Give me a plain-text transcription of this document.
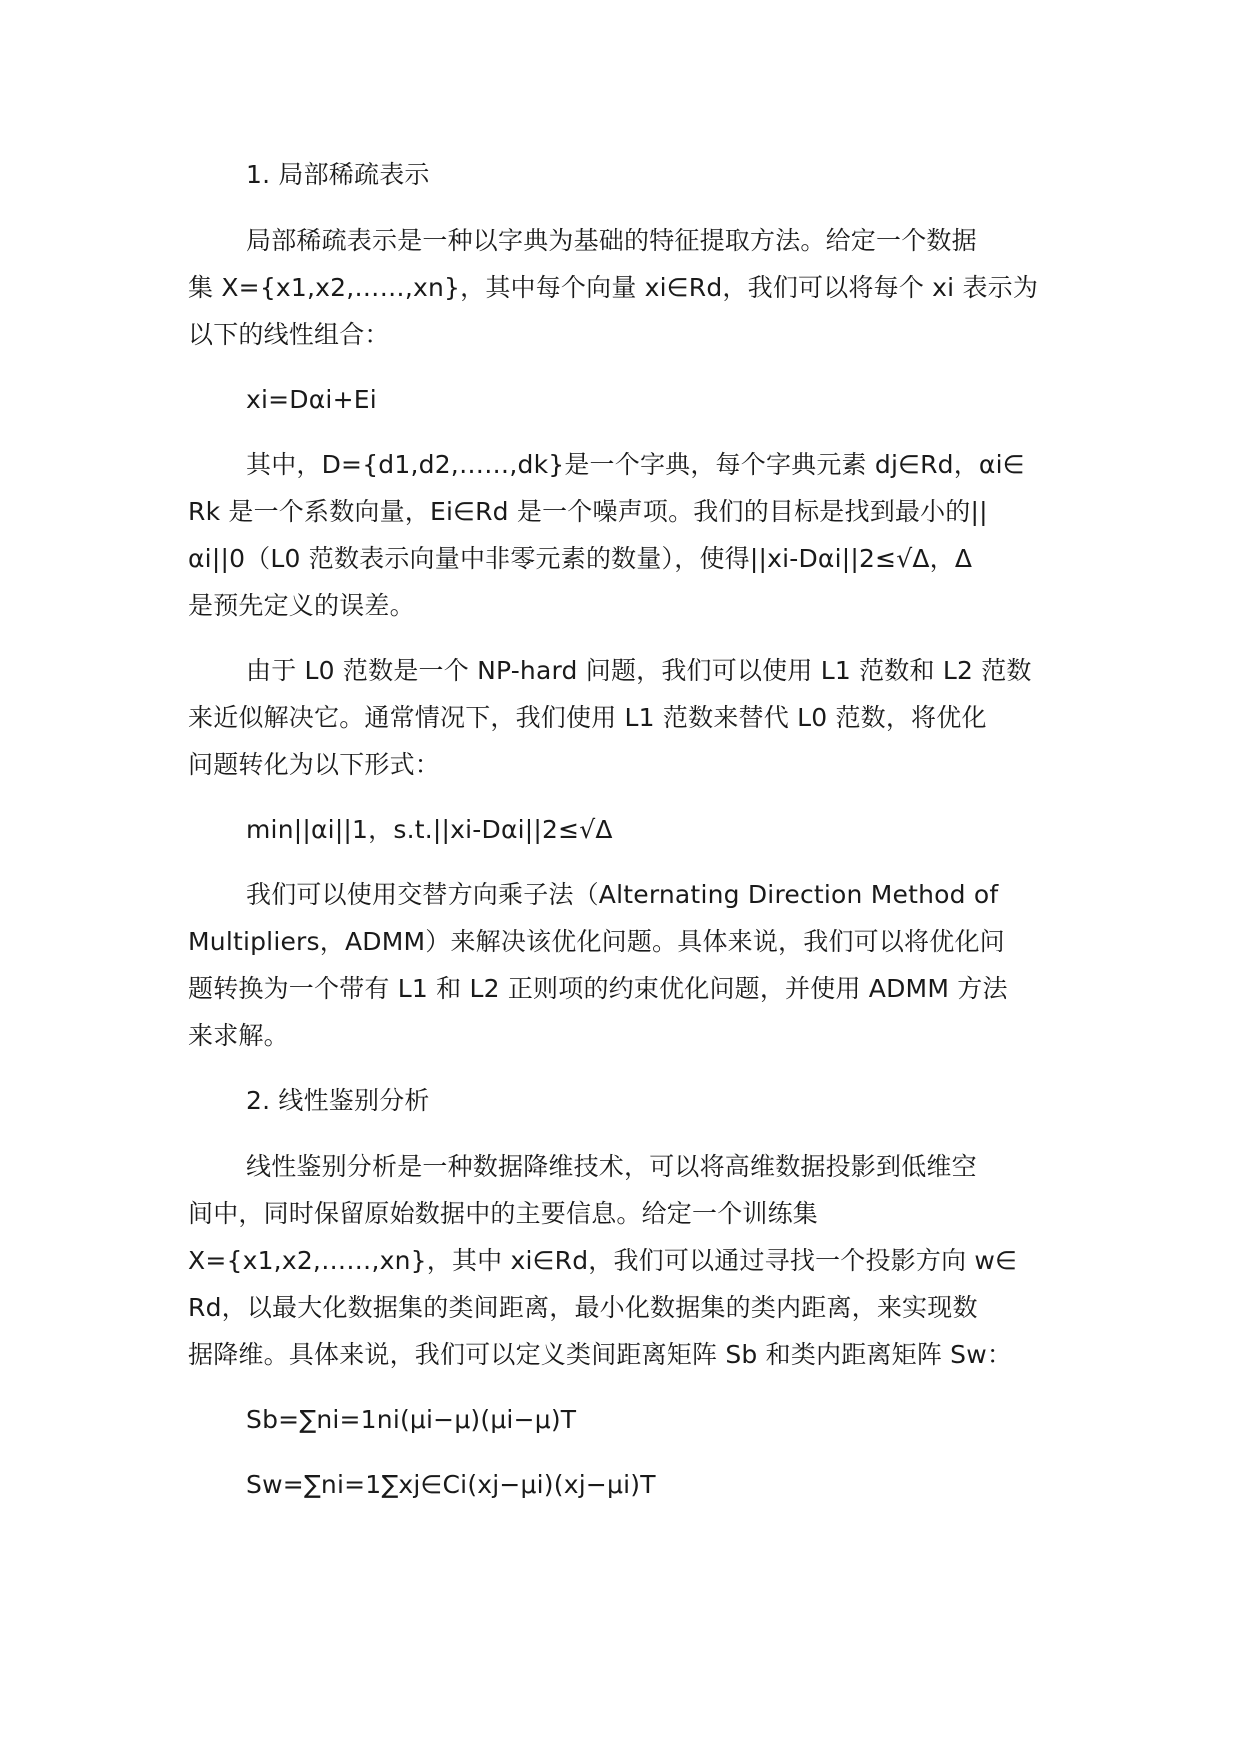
1. 局部稀疏表示

局部稀疏表示是一种以字典为基础的特征提取方法。给定一个数据
集 X={x1,x2,……,xn}，其中每个向量 xi∈Rd，我们可以将每个 xi 表示为
以下的线性组合：

xi=Dαi+Ei

其中，D={d1,d2,……,dk}是一个字典，每个字典元素 dj∈Rd，αi∈
Rk 是一个系数向量，Ei∈Rd 是一个噪声项。我们的目标是找到最小的||
αi||0（L0 范数表示向量中非零元素的数量），使得||xi-Dαi||2≤√Δ，Δ
是预先定义的误差。

由于 L0 范数是一个 NP-hard 问题，我们可以使用 L1 范数和 L2 范数
来近似解决它。通常情况下，我们使用 L1 范数来替代 L0 范数，将优化
问题转化为以下形式：

min||αi||1，s.t.||xi-Dαi||2≤√Δ

我们可以使用交替方向乘子法（Alternating Direction Method of
Multipliers，ADMM）来解决该优化问题。具体来说，我们可以将优化问
题转换为一个带有 L1 和 L2 正则项的约束优化问题，并使用 ADMM 方法
来求解。

2. 线性鉴别分析

线性鉴别分析是一种数据降维技术，可以将高维数据投影到低维空
间中，同时保留原始数据中的主要信息。给定一个训练集
X={x1,x2,……,xn}，其中 xi∈Rd，我们可以通过寻找一个投影方向 w∈
Rd，以最大化数据集的类间距离，最小化数据集的类内距离，来实现数
据降维。具体来说，我们可以定义类间距离矩阵 Sb 和类内距离矩阵 Sw：

Sb=∑ni=1ni(μi−μ)(μi−μ)T

Sw=∑ni=1∑xj∈Ci(xj−μi)(xj−μi)T
